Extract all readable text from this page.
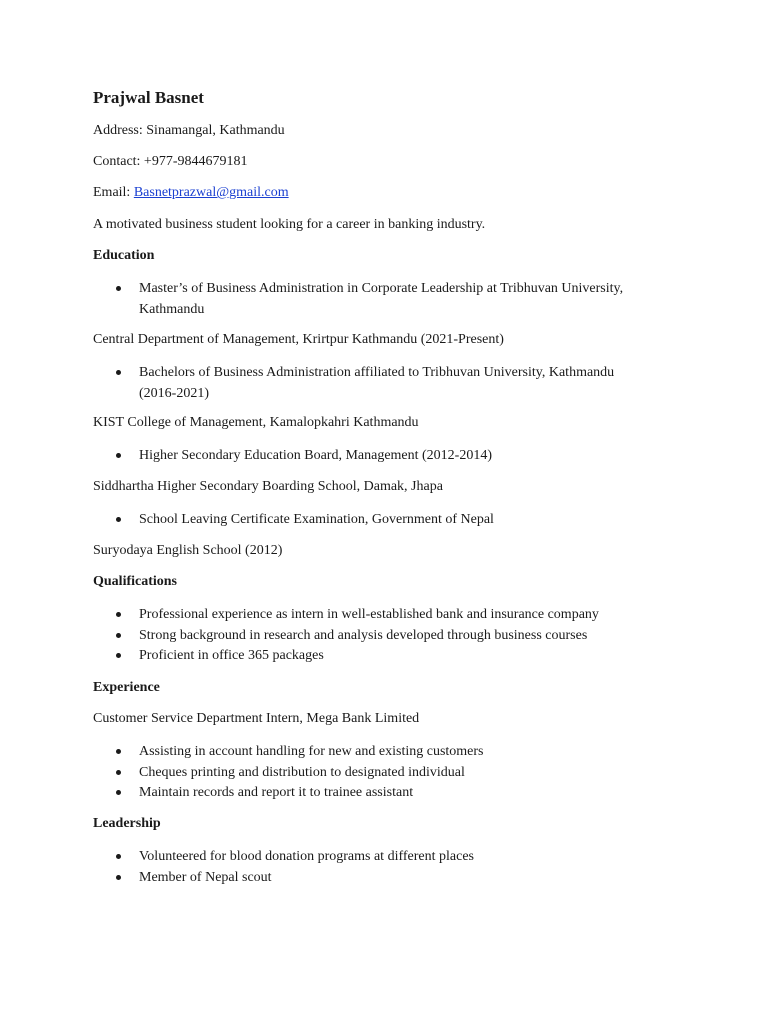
Prajwal Basnet

Address: Sinamangal, Kathmandu

Contact: +977-9844679181

Email: Basnetprazwal@gmail.com

A motivated business student looking for a career in banking industry.

Education

Master’s of Business Administration in Corporate Leadership at Tribhuvan University, Kathmandu

Central Department of Management, Krirtpur Kathmandu (2021-Present)

Bachelors of Business Administration affiliated to Tribhuvan University, Kathmandu (2016-2021)

KIST College of Management, Kamalopkahri Kathmandu

Higher Secondary Education Board, Management (2012-2014)

Siddhartha Higher Secondary Boarding School, Damak, Jhapa

School Leaving Certificate Examination, Government of Nepal

Suryodaya English School (2012)

Qualifications

Professional experience as intern in well-established bank and insurance company
Strong background in research and analysis developed through business courses
Proficient in office 365 packages

Experience

Customer Service Department Intern, Mega Bank Limited

Assisting in account handling for new and existing customers
Cheques printing and distribution to designated individual
Maintain records and report it to trainee assistant

Leadership

Volunteered for blood donation programs at different places
Member of Nepal scout
